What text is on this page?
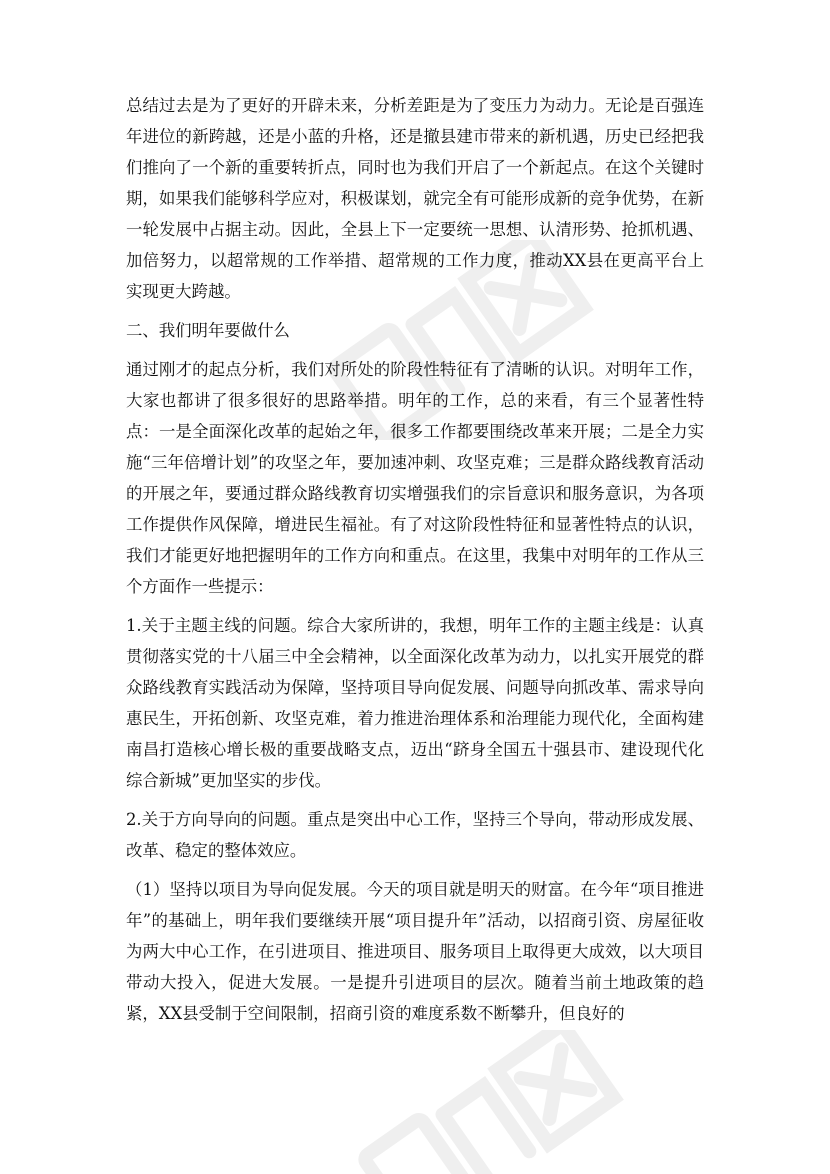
总结过去是为了更好的开辟未来，分析差距是为了变压力为动力。无论是百强连年进位的新跨越，还是小蓝的升格，还是撤县建市带来的新机遇，历史已经把我们推向了一个新的重要转折点，同时也为我们开启了一个新起点。在这个关键时期，如果我们能够科学应对，积极谋划，就完全有可能形成新的竞争优势，在新一轮发展中占据主动。因此，全县上下一定要统一思想、认清形势、抢抓机遇、加倍努力，以超常规的工作举措、超常规的工作力度，推动XX县在更高平台上实现更大跨越。

二、我们明年要做什么

通过刚才的起点分析，我们对所处的阶段性特征有了清晰的认识。对明年工作，大家也都讲了很多很好的思路举措。明年的工作，总的来看，有三个显著性特点：一是全面深化改革的起始之年，很多工作都要围绕改革来开展；二是全力实施“三年倍增计划”的攻坚之年，要加速冲刺、攻坚克难；三是群众路线教育活动的开展之年，要通过群众路线教育切实增强我们的宗旨意识和服务意识，为各项工作提供作风保障，增进民生福祉。有了对这阶段性特征和显著性特点的认识，我们才能更好地把握明年的工作方向和重点。在这里，我集中对明年的工作从三个方面作一些提示：

1.关于主题主线的问题。综合大家所讲的，我想，明年工作的主题主线是：认真贯彻落实党的十八届三中全会精神，以全面深化改革为动力，以扎实开展党的群众路线教育实践活动为保障，坚持项目导向促发展、问题导向抓改革、需求导向惠民生，开拓创新、攻坚克难，着力推进治理体系和治理能力现代化，全面构建南昌打造核心增长极的重要战略支点，迈出“跻身全国五十强县市、建设现代化综合新城”更加坚实的步伐。

2.关于方向导向的问题。重点是突出中心工作，坚持三个导向，带动形成发展、改革、稳定的整体效应。

（1）坚持以项目为导向促发展。今天的项目就是明天的财富。在今年“项目推进年”的基础上，明年我们要继续开展“项目提升年”活动，以招商引资、房屋征收为两大中心工作，在引进项目、推进项目、服务项目上取得更大成效，以大项目带动大投入，促进大发展。一是提升引进项目的层次。随着当前土地政策的趋紧，XX县受制于空间限制，招商引资的难度系数不断攀升，但良好的
